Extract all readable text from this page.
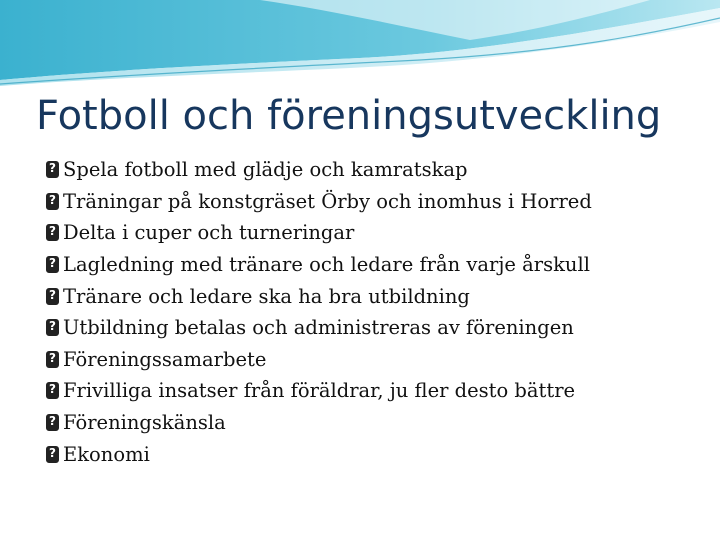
Fotboll och föreningsutveckling
?
Spela fotboll med glädje och kamratskap
?
Träningar på konstgräset Örby och inomhus i Horred
?
Delta i cuper och turneringar
?
Lagledning med tränare och ledare från varje årskull
?
Tränare och ledare ska ha bra utbildning
?
Utbildning betalas och administreras av föreningen
?
Föreningssamarbete
?
Frivilliga insatser från föräldrar, ju fler desto bättre
?
Föreningskänsla
?
Ekonomi
